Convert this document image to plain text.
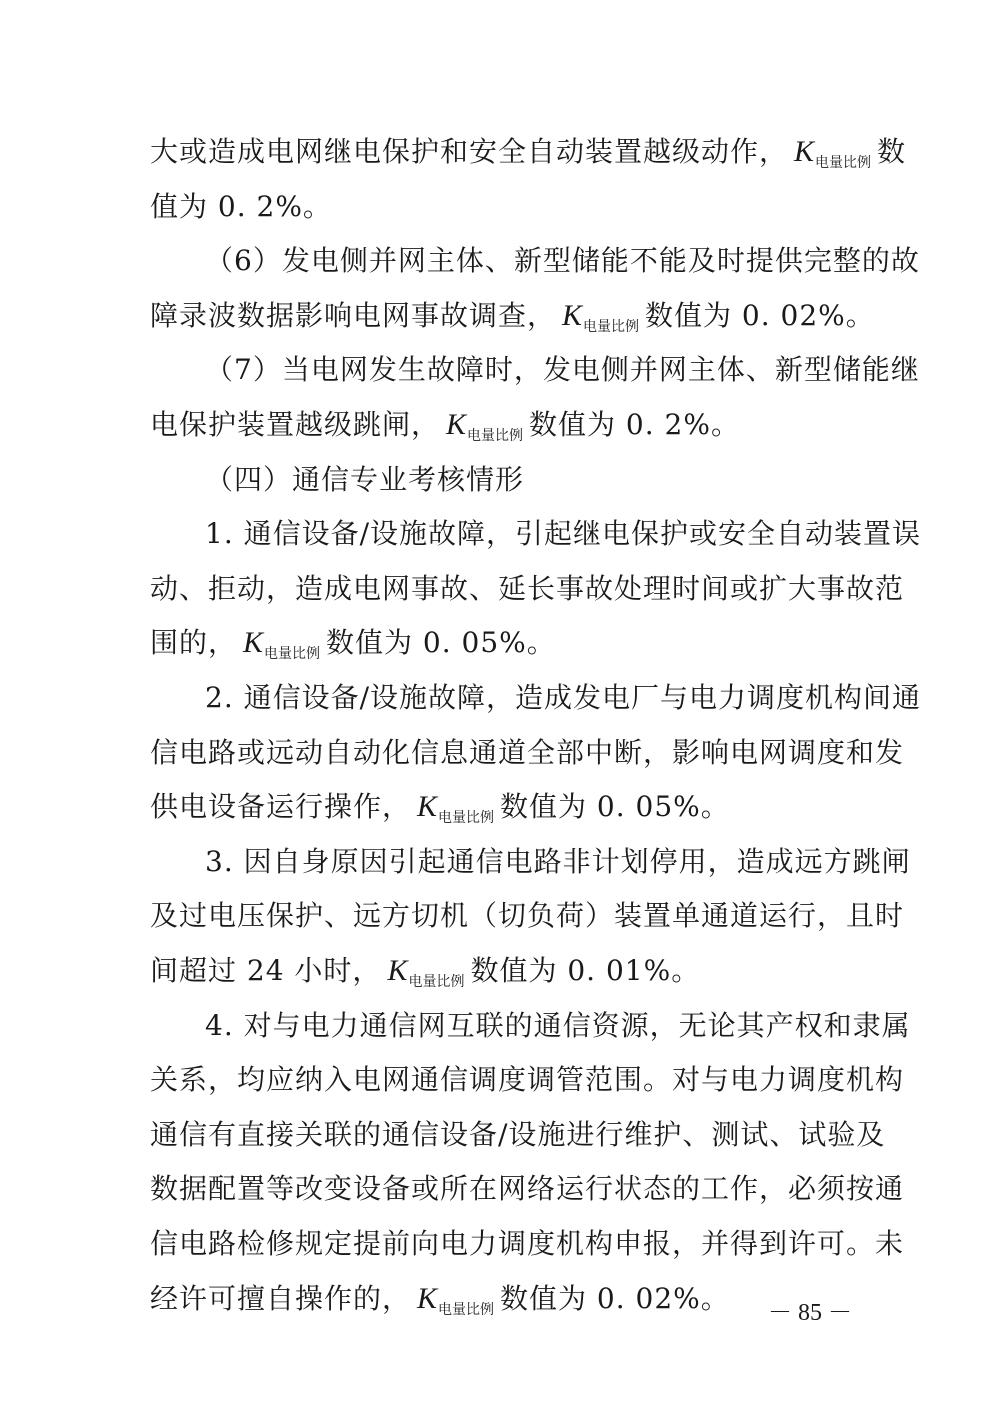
大或造成电网继电保护和安全自动装置越级动作， $K_{电量比例}$ 数
值为 0. 2%。
（6）发电侧并网主体、新型储能不能及时提供完整的故
障录波数据影响电网事故调查， $K_{电量比例}$ 数值为 0. 02%。
（7）当电网发生故障时，发电侧并网主体、新型储能继
电保护装置越级跳闸， $K_{电量比例}$ 数值为 0. 2%。
（四）通信专业考核情形
1. 通信设备/设施故障，引起继电保护或安全自动装置误
动、拒动，造成电网事故、延长事故处理时间或扩大事故范
围的， $K_{电量比例}$ 数值为 0. 05%。
2. 通信设备/设施故障，造成发电厂与电力调度机构间通
信电路或远动自动化信息通道全部中断，影响电网调度和发
供电设备运行操作， $K_{电量比例}$ 数值为 0. 05%。
3. 因自身原因引起通信电路非计划停用，造成远方跳闸
及过电压保护、远方切机（切负荷）装置单通道运行，且时
间超过 24 小时， $K_{电量比例}$ 数值为 0. 01%。
4. 对与电力通信网互联的通信资源，无论其产权和隶属
关系，均应纳入电网通信调度调管范围。对与电力调度机构
通信有直接关联的通信设备/设施进行维护、测试、试验及
数据配置等改变设备或所在网络运行状态的工作，必须按通
信电路检修规定提前向电力调度机构申报，并得到许可。未
经许可擅自操作的， $K_{电量比例}$ 数值为 0. 02%。	－ 85 －
